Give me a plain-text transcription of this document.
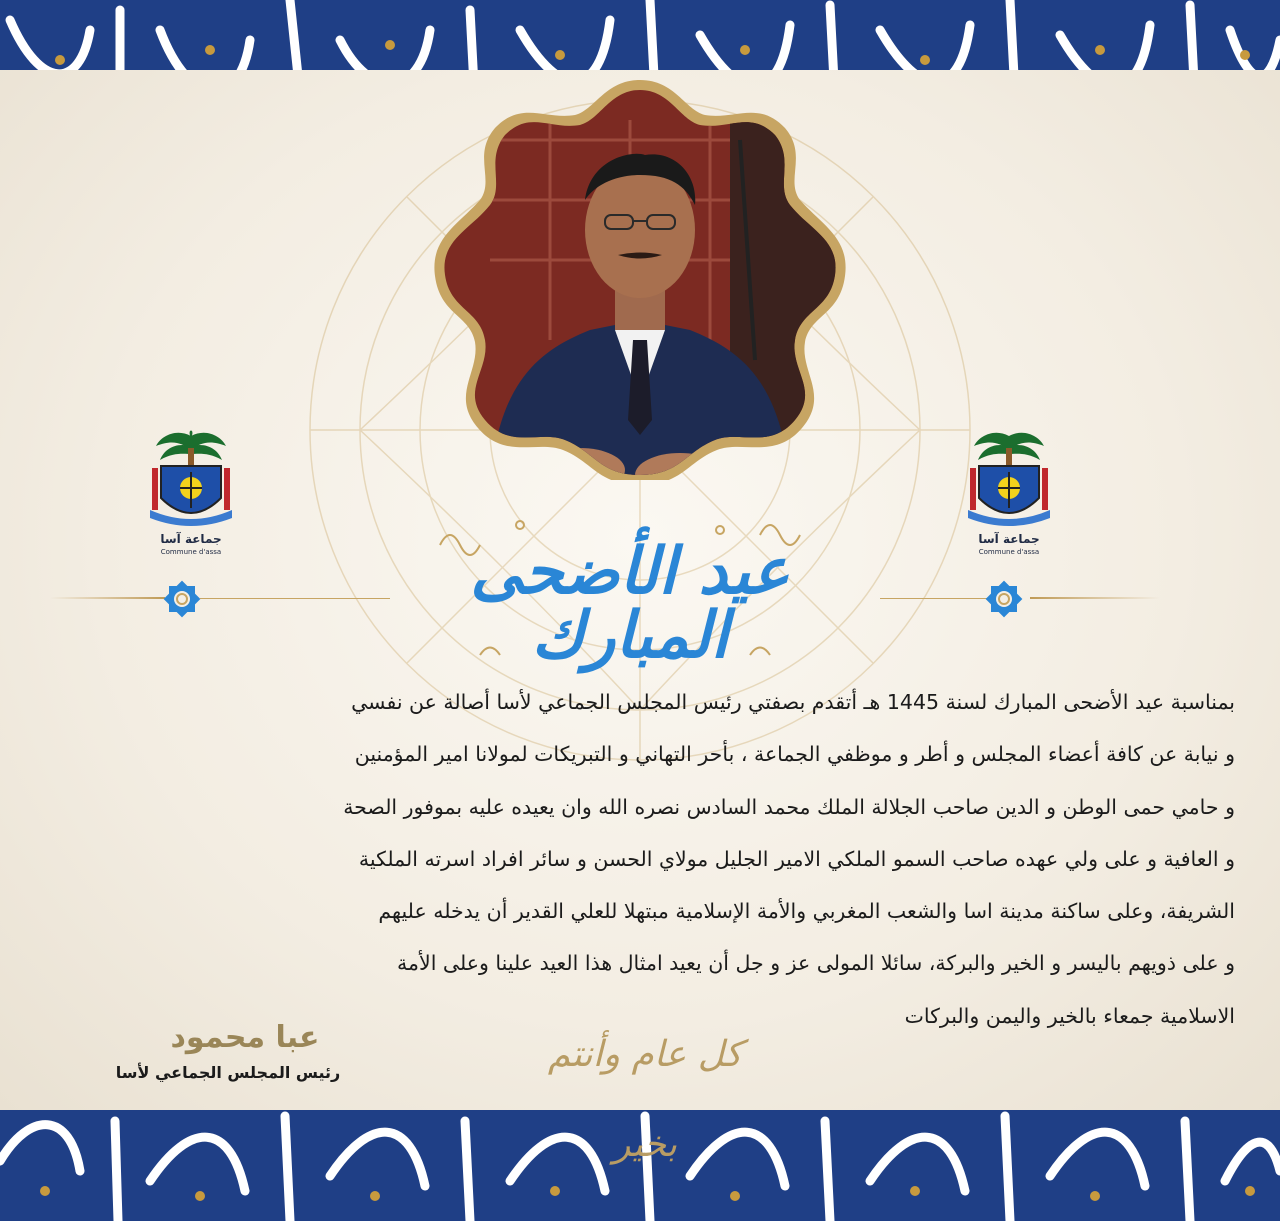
جماعة آسا
Commune d'assa
جماعة آسا
Commune d'assa
عيد الأضحى المبارك
بمناسبة عيد الأضحى المبارك لسنة 1445 هـ أتقدم بصفتي رئيس المجلس الجماعي لأسا أصالة عن نفسي
و نيابة عن كافة أعضاء المجلس و أطر و موظفي الجماعة ، بأحر التهاني و التبريكات لمولانا امير المؤمنين
و حامي حمى الوطن و الدين صاحب الجلالة الملك محمد السادس نصره الله وان يعيده عليه بموفور الصحة
و العافية و على ولي عهده صاحب السمو الملكي الامير الجليل مولاي الحسن و سائر افراد اسرته الملكية
الشريفة، وعلى ساكنة مدينة اسا والشعب المغربي والأمة الإسلامية مبتهلا للعلي القدير أن يدخله عليهم
و على ذويهم باليسر و الخير والبركة، سائلا المولى عز و جل أن يعيد امثال هذا العيد علينا وعلى الأمة
الاسلامية جمعاء بالخير واليمن والبركات
عبا محمود
رئيس المجلس الجماعي لأسا	كل عام وأنتم بخير
